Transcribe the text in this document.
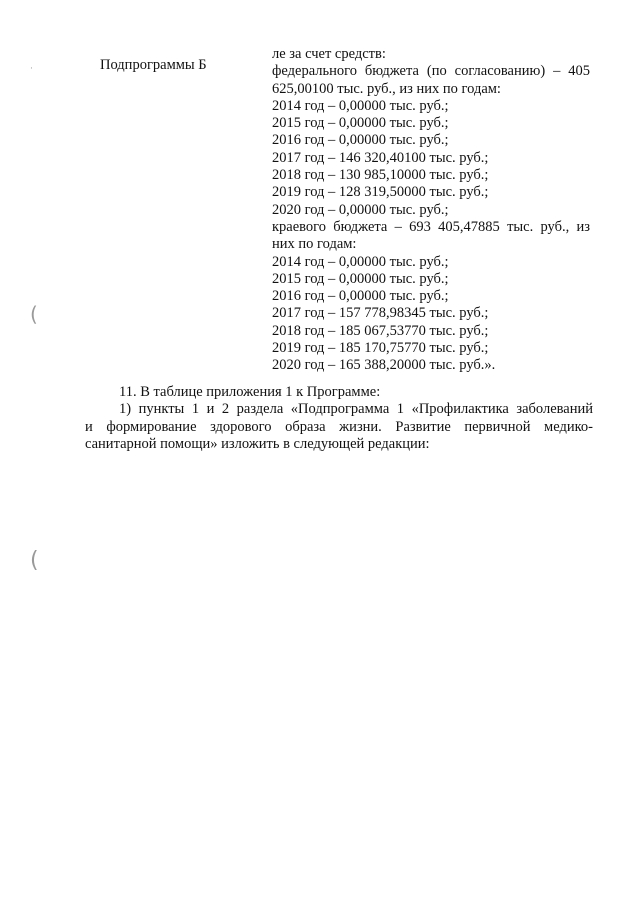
Подпрограммы Б
ле за счет средств:
федерального бюджета (по согласованию) – 405
625,00100 тыс. руб., из них по годам:
2014 год – 0,00000 тыс. руб.;
2015 год – 0,00000 тыс. руб.;
2016 год – 0,00000 тыс. руб.;
2017 год – 146 320,40100 тыс. руб.;
2018 год – 130 985,10000 тыс. руб.;
2019 год – 128 319,50000 тыс. руб.;
2020 год – 0,00000 тыс. руб.;
краевого бюджета – 693 405,47885 тыс. руб., из
них по годам:
2014 год – 0,00000 тыс. руб.;
2015 год – 0,00000 тыс. руб.;
2016 год – 0,00000 тыс. руб.;
2017 год – 157 778,98345 тыс. руб.;
2018 год – 185 067,53770 тыс. руб.;
2019 год – 185 170,75770 тыс. руб.;
2020 год – 165 388,20000 тыс. руб.».
11. В таблице приложения 1 к Программе:
1) пункты 1 и 2 раздела «Подпрограмма 1 «Профилактика заболеваний
и формирование здорового образа жизни. Развитие первичной медико-
санитарной помощи» изложить в следующей редакции:
·
(
(
